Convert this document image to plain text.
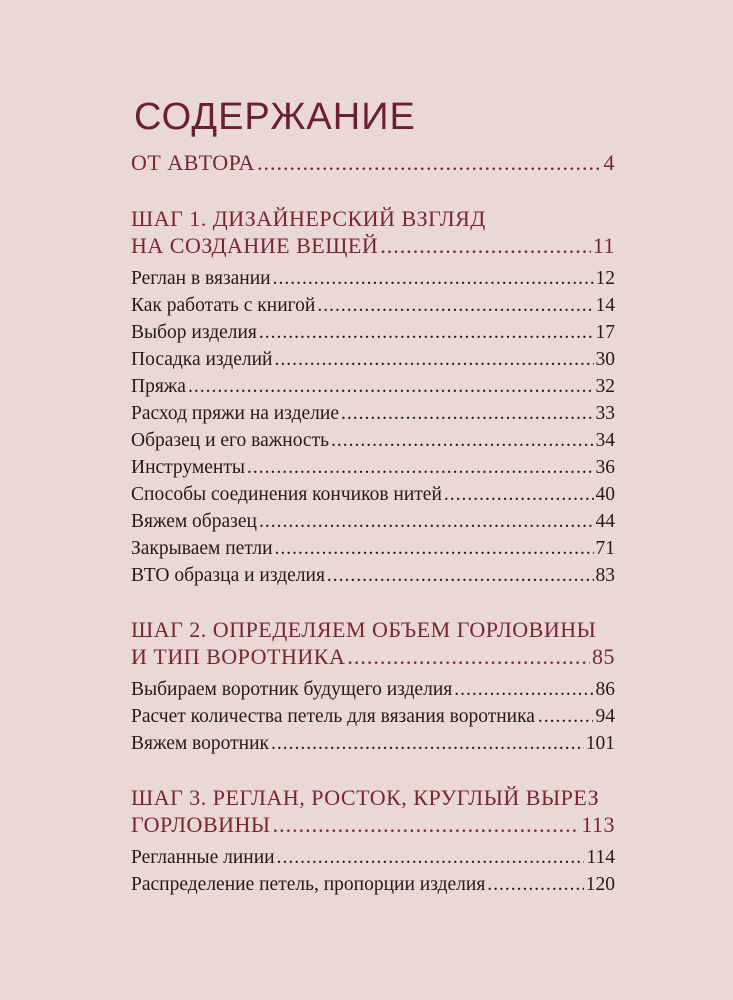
СОДЕРЖАНИЕ
ОТ АВТОРА .....	4
ШАГ 1. ДИЗАЙНЕРСКИЙ ВЗГЛЯД
НА СОЗДАНИЕ ВЕЩЕЙ .....	11
Реглан в вязании .....	12
Как работать с книгой .....	14
Выбор изделия .....	17
Посадка изделий .....	30
Пряжа .....	32
Расход пряжи на изделие .....	33
Образец и его важность .....	34
Инструменты .....	36
Способы соединения кончиков нитей .....	40
Вяжем образец .....	44
Закрываем петли .....	71
ВТО образца и изделия .....	83
ШАГ 2. ОПРЕДЕЛЯЕМ ОБЪЕМ ГОРЛОВИНЫ
И ТИП ВОРОТНИКА .....	85
Выбираем воротник будущего изделия .....	86
Расчет количества петель для вязания воротника .....	94
Вяжем воротник .....	101
ШАГ 3. РЕГЛАН, РОСТОК, КРУГЛЫЙ ВЫРЕЗ
ГОРЛОВИНЫ .....	113
Регланные линии .....	114
Распределение петель, пропорции изделия .....	120
